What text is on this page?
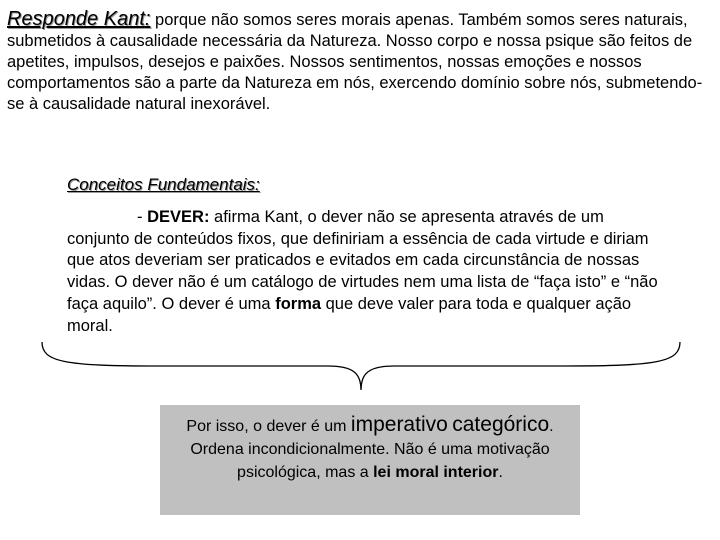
Responde Kant: porque não somos seres morais apenas. Também somos seres naturais, submetidos à causalidade necessária da Natureza. Nosso corpo e nossa psique são feitos de apetites, impulsos, desejos e paixões. Nossos sentimentos, nossas emoções e nossos comportamentos são a parte da Natureza em nós, exercendo domínio sobre nós, submetendo-se à causalidade natural inexorável.
Conceitos Fundamentais:
- DEVER: afirma Kant, o dever não se apresenta através de um conjunto de conteúdos fixos, que definiriam a essência de cada virtude e diriam que atos deveriam ser praticados e evitados em cada circunstância de nossas vidas. O dever não é um catálogo de virtudes nem uma lista de “faça isto” e “não faça aquilo”. O dever é uma forma que deve valer para toda e qualquer ação moral.
Por isso, o dever é um imperativo categórico. Ordena incondicionalmente. Não é uma motivação psicológica, mas a lei moral interior.
